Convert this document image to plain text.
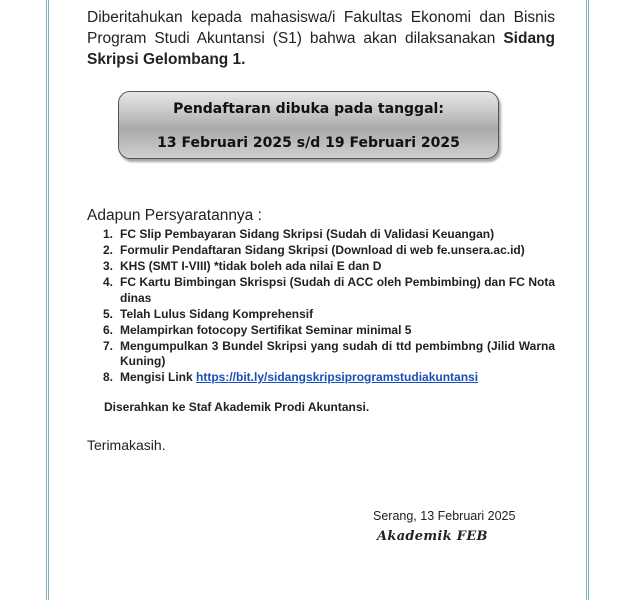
Diberitahukan kepada mahasiswa/i Fakultas Ekonomi dan Bisnis Program Studi Akuntansi (S1) bahwa akan dilaksanakan Sidang Skripsi Gelombang 1.

Pendaftaran dibuka pada tanggal:
13 Februari 2025 s/d 19 Februari 2025

Adapun Persyaratannya :

1. FC Slip Pembayaran Sidang Skripsi (Sudah di Validasi Keuangan)
2. Formulir Pendaftaran Sidang Skripsi (Download di web fe.unsera.ac.id)
3. KHS (SMT I-VIII) *tidak boleh ada nilai E dan D
4. FC Kartu Bimbingan Skrispsi (Sudah di ACC oleh Pembimbing) dan FC Nota dinas
5. Telah Lulus Sidang Komprehensif
6. Melampirkan fotocopy Sertifikat Seminar minimal 5
7. Mengumpulkan 3 Bundel Skripsi yang sudah di ttd pembimbng (Jilid Warna Kuning)
8. Mengisi Link https://bit.ly/sidangskripsiprogramstudiakuntansi

Diserahkan ke Staf Akademik Prodi Akuntansi.

Terimakasih.

Serang, 13 Februari 2025

Akademik FEB
